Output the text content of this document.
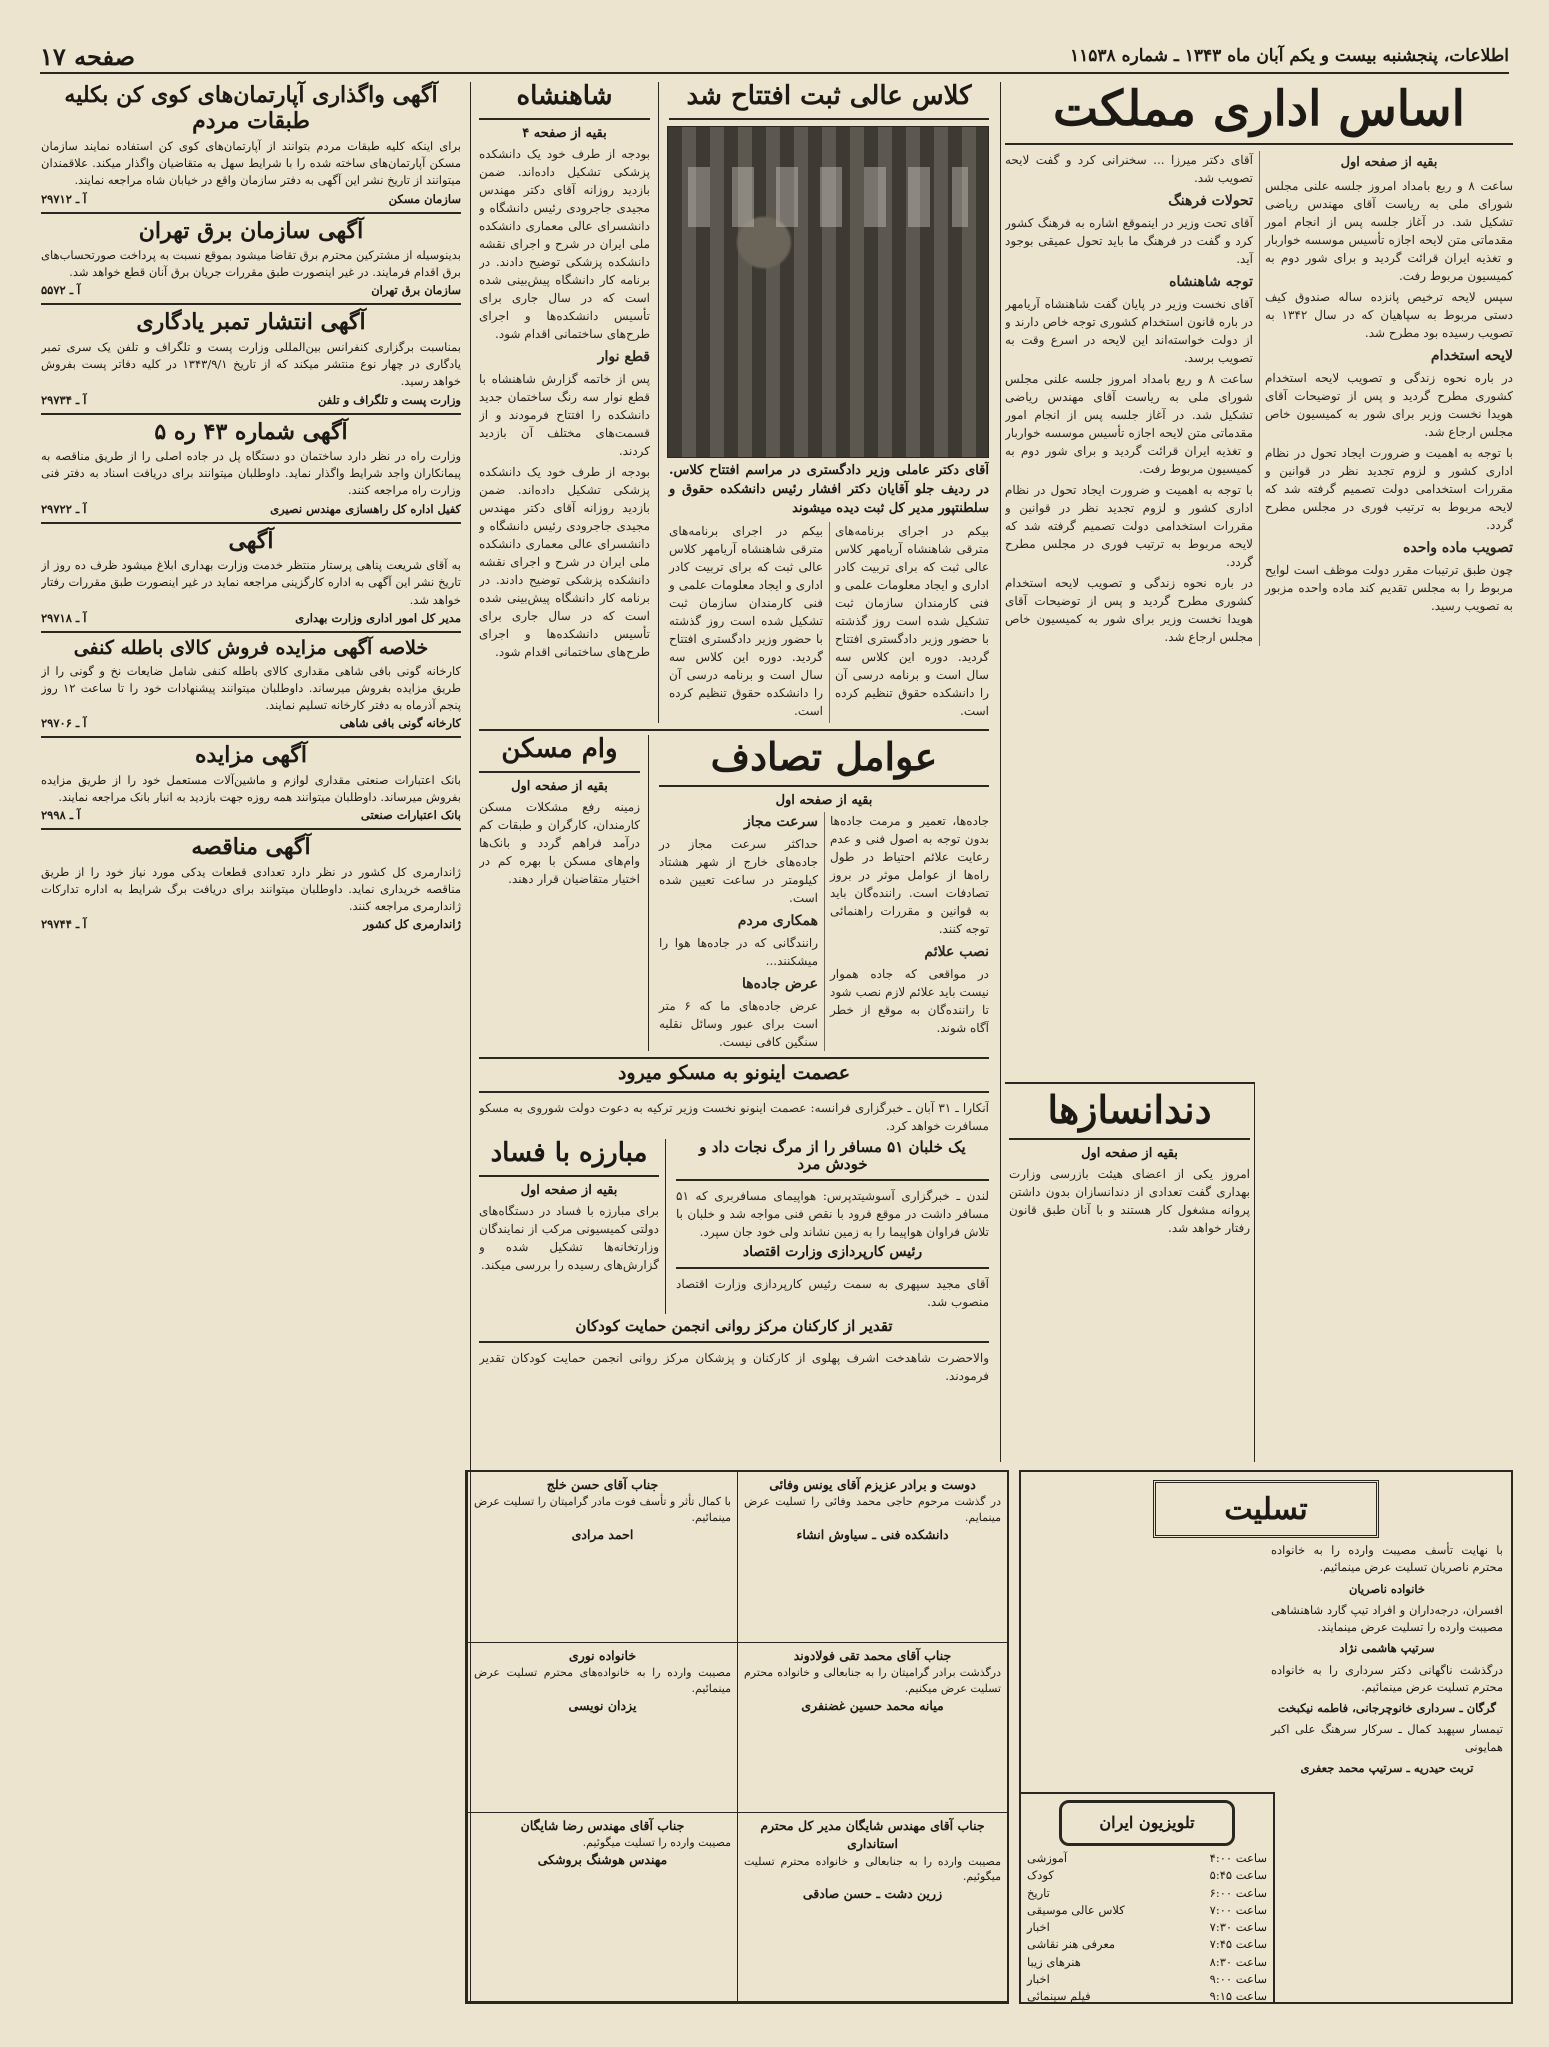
اطلاعات، پنجشنبه بیست و یکم آبان ماه ۱۳۴۳ ـ شماره ۱۱۵۳۸
صفحه ۱۷
اساس اداری مملکت
بقیه از صفحه اول

ساعت ۸ و ربع بامداد امروز جلسه علنی مجلس شورای ملی به ریاست آقای مهندس ریاضی تشکیل شد. در آغاز جلسه پس از انجام امور مقدماتی متن لایحه اجازه تأسیس موسسه خواربار و تغذیه ایران قرائت گردید و برای شور دوم به کمیسیون مربوط رفت.

سپس لایحه ترخیص پانزده ساله صندوق کیف دستی مربوط به سپاهیان که در سال ۱۳۴۲ به تصویب رسیده بود مطرح شد.

لایحه استخدام

در باره نحوه زندگی و تصویب لایحه استخدام کشوری مطرح گردید و پس از توضیحات آقای هویدا نخست وزیر برای شور به کمیسیون خاص مجلس ارجاع شد.

با توجه به اهمیت و ضرورت ایجاد تحول در نظام اداری کشور و لزوم تجدید نظر در قوانین و مقررات استخدامی دولت تصمیم گرفته شد که لایحه مربوط به ترتیب فوری در مجلس مطرح گردد.

تصویب ماده واحده

چون طبق ترتیبات مقرر دولت موظف است لوایح مربوط را به مجلس تقدیم کند ماده واحده مزبور به تصویب رسید.

آقای دکتر میرزا ... سخنرانی کرد و گفت لایحه تصویب شد.

تحولات فرهنگ

آقای تحت وزیر در اینموقع اشاره به فرهنگ کشور کرد و گفت در فرهنگ ما باید تحول عمیقی بوجود آید.

توجه شاهنشاه

آقای نخست وزیر در پایان گفت شاهنشاه آریامهر در باره قانون استخدام کشوری توجه خاص دارند و از دولت خواسته‌اند این لایحه در اسرع وقت به تصویب برسد.

ساعت ۸ و ربع بامداد امروز جلسه علنی مجلس شورای ملی به ریاست آقای مهندس ریاضی تشکیل شد. در آغاز جلسه پس از انجام امور مقدماتی متن لایحه اجازه تأسیس موسسه خواربار و تغذیه ایران قرائت گردید و برای شور دوم به کمیسیون مربوط رفت.

با توجه به اهمیت و ضرورت ایجاد تحول در نظام اداری کشور و لزوم تجدید نظر در قوانین و مقررات استخدامی دولت تصمیم گرفته شد که لایحه مربوط به ترتیب فوری در مجلس مطرح گردد.

در باره نحوه زندگی و تصویب لایحه استخدام کشوری مطرح گردید و پس از توضیحات آقای هویدا نخست وزیر برای شور به کمیسیون خاص مجلس ارجاع شد.

دندانسازها
بقیه از صفحه اول

امروز یکی از اعضای هیئت بازرسی وزارت بهداری گفت تعدادی از دندانسازان بدون داشتن پروانه مشغول کار هستند و با آنان طبق قانون رفتار خواهد شد.

کلاس عالی ثبت افتتاح شد
آقای دکتر عاملی وزیر دادگستری در مراسم افتتاح کلاس. در ردیف جلو آقایان دکتر افشار رئیس دانشکده حقوق و سلطنتپور مدیر کل ثبت دیده میشوند

بیکم در اجرای برنامه‌های مترقی شاهنشاه آریامهر کلاس عالی ثبت که برای تربیت کادر اداری و ایجاد معلومات علمی و فنی کارمندان سازمان ثبت تشکیل شده است روز گذشته با حضور وزیر دادگستری افتتاح گردید. دوره این کلاس سه سال است و برنامه درسی آن را دانشکده حقوق تنظیم کرده است.

بیکم در اجرای برنامه‌های مترقی شاهنشاه آریامهر کلاس عالی ثبت که برای تربیت کادر اداری و ایجاد معلومات علمی و فنی کارمندان سازمان ثبت تشکیل شده است روز گذشته با حضور وزیر دادگستری افتتاح گردید. دوره این کلاس سه سال است و برنامه درسی آن را دانشکده حقوق تنظیم کرده است.

شاهنشاه
بقیه از صفحه ۴

بودجه از طرف خود یک دانشکده پزشکی تشکیل داده‌اند. ضمن بازدید روزانه آقای دکتر مهندس مجیدی جاجرودی رئیس دانشگاه و دانشسرای عالی معماری دانشکده ملی ایران در شرح و اجرای نقشه دانشکده پزشکی توضیح دادند. در برنامه کار دانشگاه پیش‌بینی شده است که در سال جاری برای تأسیس دانشکده‌ها و اجرای طرح‌های ساختمانی اقدام شود.

قطع نوار

پس از خاتمه گزارش شاهنشاه با قطع نوار سه رنگ ساختمان جدید دانشکده را افتتاح فرمودند و از قسمت‌های مختلف آن بازدید کردند.

بودجه از طرف خود یک دانشکده پزشکی تشکیل داده‌اند. ضمن بازدید روزانه آقای دکتر مهندس مجیدی جاجرودی رئیس دانشگاه و دانشسرای عالی معماری دانشکده ملی ایران در شرح و اجرای نقشه دانشکده پزشکی توضیح دادند. در برنامه کار دانشگاه پیش‌بینی شده است که در سال جاری برای تأسیس دانشکده‌ها و اجرای طرح‌های ساختمانی اقدام شود.

عوامل تصادف
بقیه از صفحه اول

جاده‌ها، تعمیر و مرمت جاده‌ها بدون توجه به اصول فنی و عدم رعایت علائم احتیاط در طول راه‌ها از عوامل موثر در بروز تصادفات است. راننده‌گان باید به قوانین و مقررات راهنمائی توجه کنند.

نصب علائم

در مواقعی که جاده هموار نیست باید علائم لازم نصب شود تا راننده‌گان به موقع از خطر آگاه شوند.

سرعت مجاز

حداکثر سرعت مجاز در جاده‌های خارج از شهر هشتاد کیلومتر در ساعت تعیین شده است.

همکاری مردم

رانندگانی که در جاده‌ها هوا را میشکنند...

عرض جاده‌ها

عرض جاده‌های ما که ۶ متر است برای عبور وسائل نقلیه سنگین کافی نیست.

وام مسکن
بقیه از صفحه اول

زمینه رفع مشکلات مسکن کارمندان، کارگران و طبقات کم درآمد فراهم گردد و بانک‌ها وام‌های مسکن با بهره کم در اختیار متقاضیان قرار دهند.

عصمت اینونو به مسکو میرود

آنکارا ـ ۳۱ آبان ـ خبرگزاری فرانسه: عصمت اینونو نخست وزیر ترکیه به دعوت دولت شوروی به مسکو مسافرت خواهد کرد.

یک خلبان ۵۱ مسافر را از مرگ نجات داد و خودش مرد

لندن ـ خبرگزاری آسوشیتدپرس: هواپیمای مسافربری که ۵۱ مسافر داشت در موقع فرود با نقص فنی مواجه شد و خلبان با تلاش فراوان هواپیما را به زمین نشاند ولی خود جان سپرد.

رئیس کارپردازی وزارت اقتصاد

آقای مجید سپهری به سمت رئیس کارپردازی وزارت اقتصاد منصوب شد.

مبارزه با فساد
بقیه از صفحه اول

برای مبارزه با فساد در دستگاه‌های دولتی کمیسیونی مرکب از نمایندگان وزارتخانه‌ها تشکیل شده و گزارش‌های رسیده را بررسی میکند.

تقدیر از کارکنان مرکز روانی انجمن حمایت کودکان

والاحضرت شاهدخت اشرف پهلوی از کارکنان و پزشکان مرکز روانی انجمن حمایت کودکان تقدیر فرمودند.

آگهی واگذاری آپارتمان‌های کوی کن بکلیه طبقات مردم
برای اینکه کلیه طبقات مردم بتوانند از آپارتمان‌های کوی کن استفاده نمایند سازمان مسکن آپارتمان‌های ساخته شده را با شرایط سهل به متقاضیان واگذار میکند. علاقمندان میتوانند از تاریخ نشر این آگهی به دفتر سازمان واقع در خیابان شاه مراجعه نمایند.
سازمان مسکن
آ ـ ۲۹۷۱۲
آگهی سازمان برق تهران
بدینوسیله از مشترکین محترم برق تقاضا میشود بموقع نسبت به پرداخت صورتحساب‌های برق اقدام فرمایند. در غیر اینصورت طبق مقررات جریان برق آنان قطع خواهد شد.
سازمان برق تهران
آ ـ ۵۵۷۲
آگهی انتشار تمبر یادگاری
بمناسبت برگزاری کنفرانس بین‌المللی وزارت پست و تلگراف و تلفن یک سری تمبر یادگاری در چهار نوع منتشر میکند که از تاریخ ۱۳۴۳/۹/۱ در کلیه دفاتر پست بفروش خواهد رسید.
وزارت پست و تلگراف و تلفن
آ ـ ۲۹۷۳۴
آگهی شماره ۴۳ ره ۵
وزارت راه در نظر دارد ساختمان دو دستگاه پل در جاده اصلی را از طریق مناقصه به پیمانکاران واجد شرایط واگذار نماید. داوطلبان میتوانند برای دریافت اسناد به دفتر فنی وزارت راه مراجعه کنند.
کفیل اداره کل راهسازی مهندس نصیری
آ ـ ۲۹۷۲۲
آگهی
به آقای شریعت پناهی پرستار منتظر خدمت وزارت بهداری ابلاغ میشود ظرف ده روز از تاریخ نشر این آگهی به اداره کارگزینی مراجعه نماید در غیر اینصورت طبق مقررات رفتار خواهد شد.
مدیر کل امور اداری وزارت بهداری
آ ـ ۲۹۷۱۸
خلاصه آگهی مزایده فروش کالای باطله کنفی
کارخانه گونی بافی شاهی مقداری کالای باطله کنفی شامل ضایعات نخ و گونی را از طریق مزایده بفروش میرساند. داوطلبان میتوانند پیشنهادات خود را تا ساعت ۱۲ روز پنجم آذرماه به دفتر کارخانه تسلیم نمایند.
کارخانه گونی بافی شاهی
آ ـ ۲۹۷۰۶
آگهی مزایده
بانک اعتبارات صنعتی مقداری لوازم و ماشین‌آلات مستعمل خود را از طریق مزایده بفروش میرساند. داوطلبان میتوانند همه روزه جهت بازدید به انبار بانک مراجعه نمایند.
بانک اعتبارات صنعتی
آ ـ ۲۹۹۸
آگهی مناقصه
ژاندارمری کل کشور در نظر دارد تعدادی قطعات یدکی مورد نیاز خود را از طریق مناقصه خریداری نماید. داوطلبان میتوانند برای دریافت برگ شرایط به اداره تدارکات ژاندارمری مراجعه کنند.
ژاندارمری کل کشور
آ ـ ۲۹۷۴۴
دوست و برادر عزیزم آقای یونس وفائی
در گذشت مرحوم حاجی محمد وفائی را تسلیت عرض مینمایم.
دانشکده فنی ـ سیاوش انشاء
جناب آقای حسن خلج
با کمال تأثر و تأسف فوت مادر گرامیتان را تسلیت عرض مینمائیم.
احمد مرادی
جناب آقای محمد تقی فولادوند
درگذشت برادر گرامیتان را به جنابعالی و خانواده محترم تسلیت عرض میکنیم.
میانه محمد حسین غضنفری
خانواده نوری
مصیبت وارده را به خانواده‌های محترم تسلیت عرض مینمائیم.
یزدان نویسی
جناب آقای مهندس شایگان مدیر کل محترم استانداری
مصیبت وارده را به جنابعالی و خانواده محترم تسلیت میگوئیم.
زرین دشت ـ حسن صادقی
جناب آقای مهندس رضا شایگان
مصیبت وارده را تسلیت میگوئیم.
مهندس هوشنگ بروشکی
تسلیت

با نهایت تأسف مصیبت وارده را به خانواده محترم ناصریان تسلیت عرض مینمائیم.

خانواده ناصریان

افسران، درجه‌داران و افراد تیپ گارد شاهنشاهی مصیبت وارده را تسلیت عرض مینمایند.

سرتیپ هاشمی نژاد

درگذشت ناگهانی دکتر سرداری را به خانواده محترم تسلیت عرض مینمائیم.

گرگان ـ سرداری خانوچرجانی، فاطمه نیکبخت

تیمسار سپهبد کمال ـ سرکار سرهنگ علی اکبر همایونی

تربت حیدریه ـ سرتیپ محمد جعفری
تلویزیون ایران
ساعت ۴:۰۰
آموزشی
ساعت ۵:۴۵
کودک
ساعت ۶:۰۰
تاریخ
ساعت ۷:۰۰
کلاس عالی موسیقی
ساعت ۷:۳۰
اخبار
ساعت ۷:۴۵
معرفی هنر نقاشی
ساعت ۸:۳۰
هنرهای زیبا
ساعت ۹:۰۰
اخبار
ساعت ۹:۱۵
فیلم سینمائی
